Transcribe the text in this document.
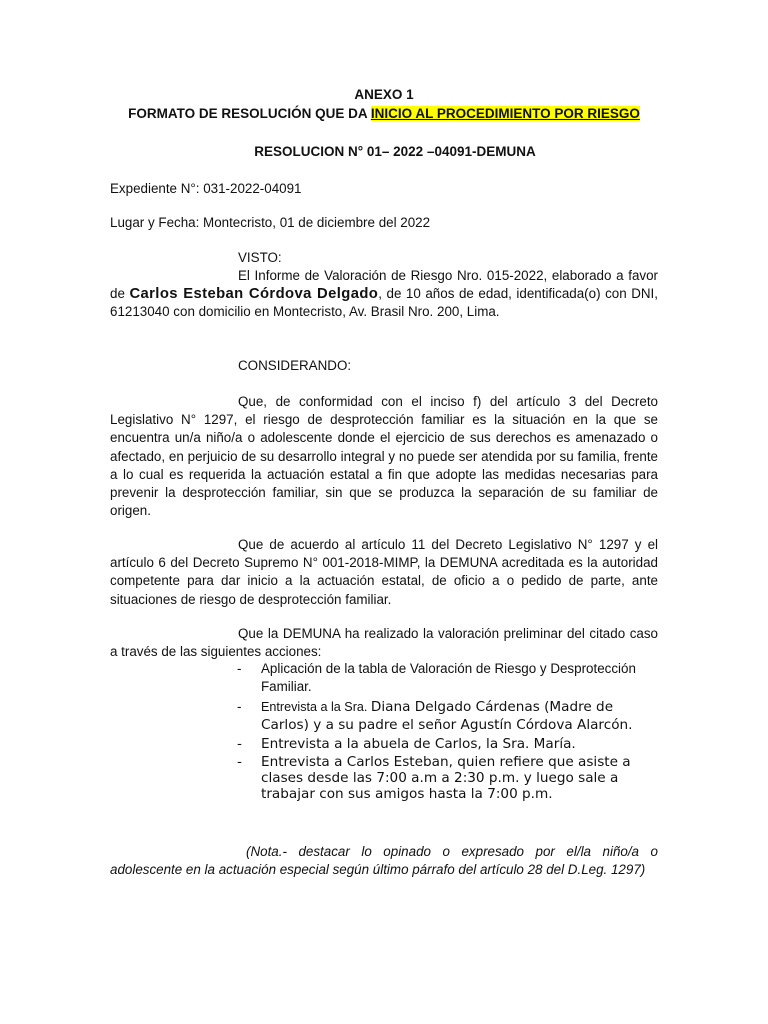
ANEXO 1
FORMATO DE RESOLUCIÓN QUE DA INICIO AL PROCEDIMIENTO POR RIESGO
RESOLUCION N° 01– 2022 –04091-DEMUNA
Expediente N°: 031-2022-04091
Lugar y Fecha: Montecristo, 01 de diciembre del 2022
VISTO:
El Informe de Valoración de Riesgo Nro. 015-2022, elaborado a favor de Carlos Esteban Córdova Delgado, de 10 años de edad, identificada(o) con DNI, 61213040 con domicilio en Montecristo, Av. Brasil Nro. 200, Lima.
CONSIDERANDO:
Que, de conformidad con el inciso f) del artículo 3 del Decreto Legislativo N° 1297, el riesgo de desprotección familiar es la situación en la que se encuentra un/a niño/a o adolescente donde el ejercicio de sus derechos es amenazado o afectado, en perjuicio de su desarrollo integral y no puede ser atendida por su familia, frente a lo cual es requerida la actuación estatal a fin que adopte las medidas necesarias para prevenir la desprotección familiar, sin que se produzca la separación de su familiar de origen.
Que de acuerdo al artículo 11 del Decreto Legislativo N° 1297 y el artículo 6 del Decreto Supremo N° 001-2018-MIMP, la DEMUNA acreditada es la autoridad competente para dar inicio a la actuación estatal, de oficio a o pedido de parte, ante situaciones de riesgo de desprotección familiar.
Que la DEMUNA ha realizado la valoración preliminar del citado caso a través de las siguientes acciones:
- Aplicación de la tabla de Valoración de Riesgo y Desprotección Familiar.
- Entrevista a la Sra. Diana Delgado Cárdenas (Madre de Carlos) y a su padre el señor Agustín Córdova Alarcón.
- Entrevista a la abuela de Carlos, la Sra. María.
- Entrevista a Carlos Esteban, quien refiere que asiste a clases desde las 7:00 a.m a 2:30 p.m. y luego sale a trabajar con sus amigos hasta la 7:00 p.m.
(Nota.- destacar lo opinado o expresado por el/la niño/a o adolescente en la actuación especial según último párrafo del artículo 28 del D.Leg. 1297)
